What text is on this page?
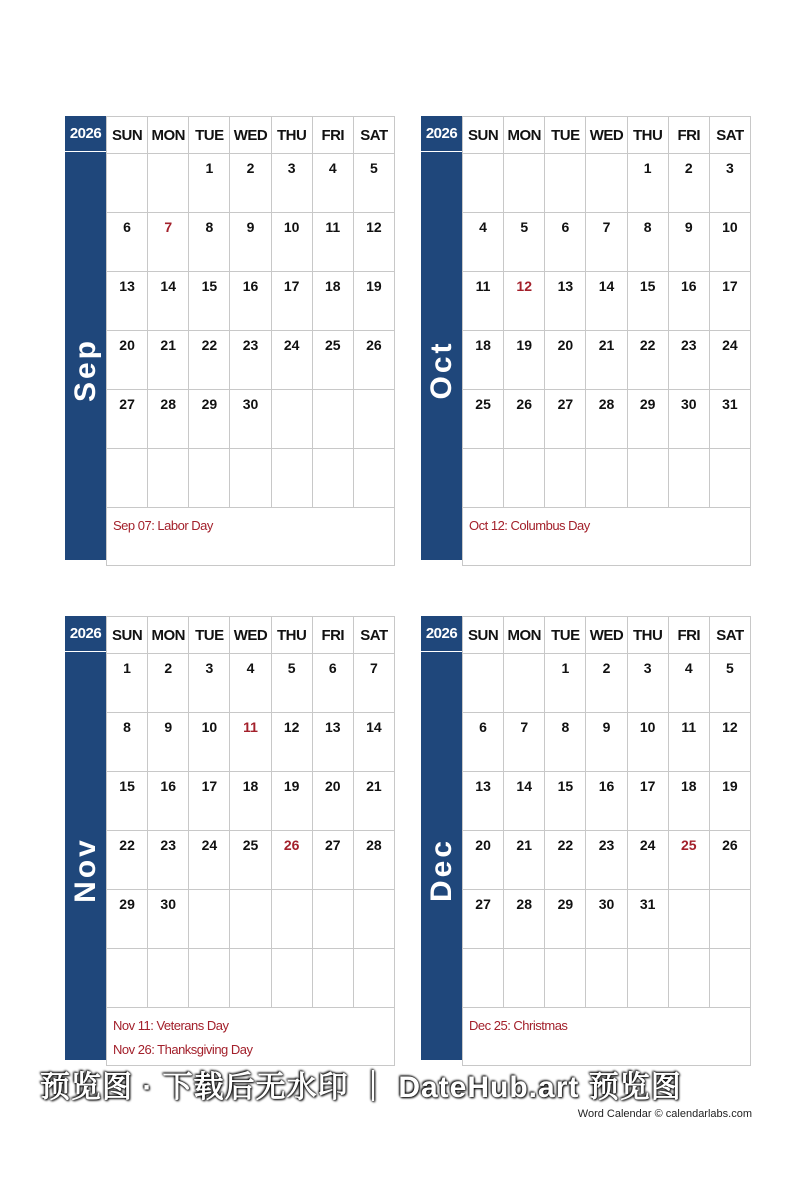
2026
Sep
SUN	MON	TUE	WED	THU	FRI	SAT

		1	2	3	4	5

6	7	8	9	10	11	12

13	14	15	16	17	18	19

20	21	22	23	24	25	26

27	28	29	30			

Sep 07: Labor Day
2026
Oct
SUN	MON	TUE	WED	THU	FRI	SAT

				1	2	3

4	5	6	7	8	9	10

11	12	13	14	15	16	17

18	19	20	21	22	23	24

25	26	27	28	29	30	31

Oct 12: Columbus Day
2026
Nov
SUN	MON	TUE	WED	THU	FRI	SAT

1	2	3	4	5	6	7

8	9	10	11	12	13	14

15	16	17	18	19	20	21

22	23	24	25	26	27	28

29	30					

Nov 11: Veterans Day
Nov 26: Thanksgiving Day
2026
Dec
SUN	MON	TUE	WED	THU	FRI	SAT

		1	2	3	4	5

6	7	8	9	10	11	12

13	14	15	16	17	18	19

20	21	22	23	24	25	26

27	28	29	30	31		

Dec 25: Christmas
预览图 · 下载后无水印 ｜ DateHub.art 预览图
Word Calendar © calendarlabs.com
